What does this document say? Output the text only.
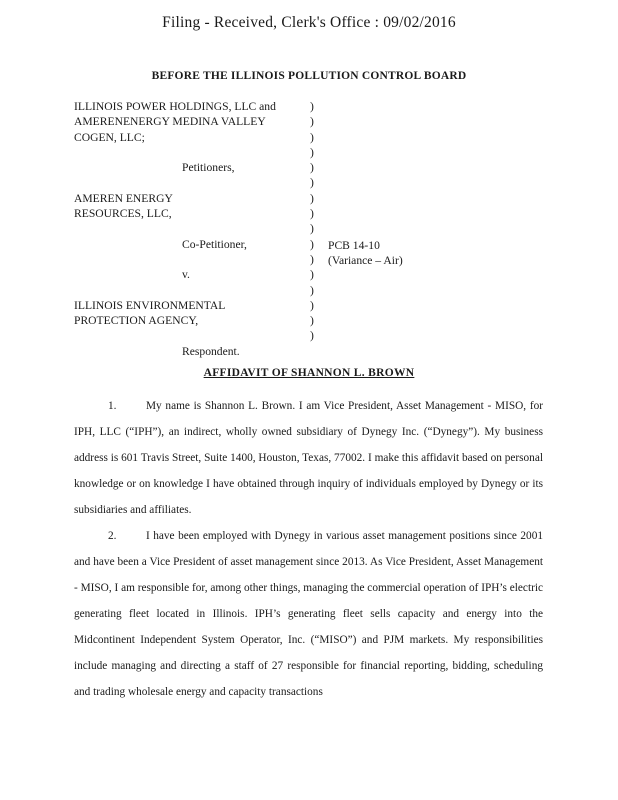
Filing - Received, Clerk's Office : 09/02/2016
BEFORE THE ILLINOIS POLLUTION CONTROL BOARD
ILLINOIS POWER HOLDINGS, LLC and
AMERENENERGY MEDINA VALLEY
COGEN, LLC;
Petitioners,
AMEREN ENERGY
RESOURCES, LLC,
Co-Petitioner,
v.
ILLINOIS ENVIRONMENTAL
PROTECTION AGENCY,
Respondent.
)
)
)
)
)
)
)
)
)
)
)
)
)
)
)
)
PCB 14-10
(Variance – Air)
AFFIDAVIT OF SHANNON L. BROWN

1.	My name is Shannon L. Brown. I am Vice President, Asset Management - MISO, for IPH, LLC (“IPH”), an indirect, wholly owned subsidiary of Dynegy Inc. (“Dynegy”). My business address is 601 Travis Street, Suite 1400, Houston, Texas, 77002. I make this affidavit based on personal knowledge or on knowledge I have obtained through inquiry of individuals employed by Dynegy or its subsidiaries and affiliates.

2.	I have been employed with Dynegy in various asset management positions since 2001 and have been a Vice President of asset management since 2013. As Vice President, Asset Management - MISO, I am responsible for, among other things, managing the commercial operation of IPH’s electric generating fleet located in Illinois. IPH’s generating fleet sells capacity and energy into the Midcontinent Independent System Operator, Inc. (“MISO”) and PJM markets. My responsibilities include managing and directing a staff of 27 responsible for financial reporting, bidding, scheduling and trading wholesale energy and capacity transactions
